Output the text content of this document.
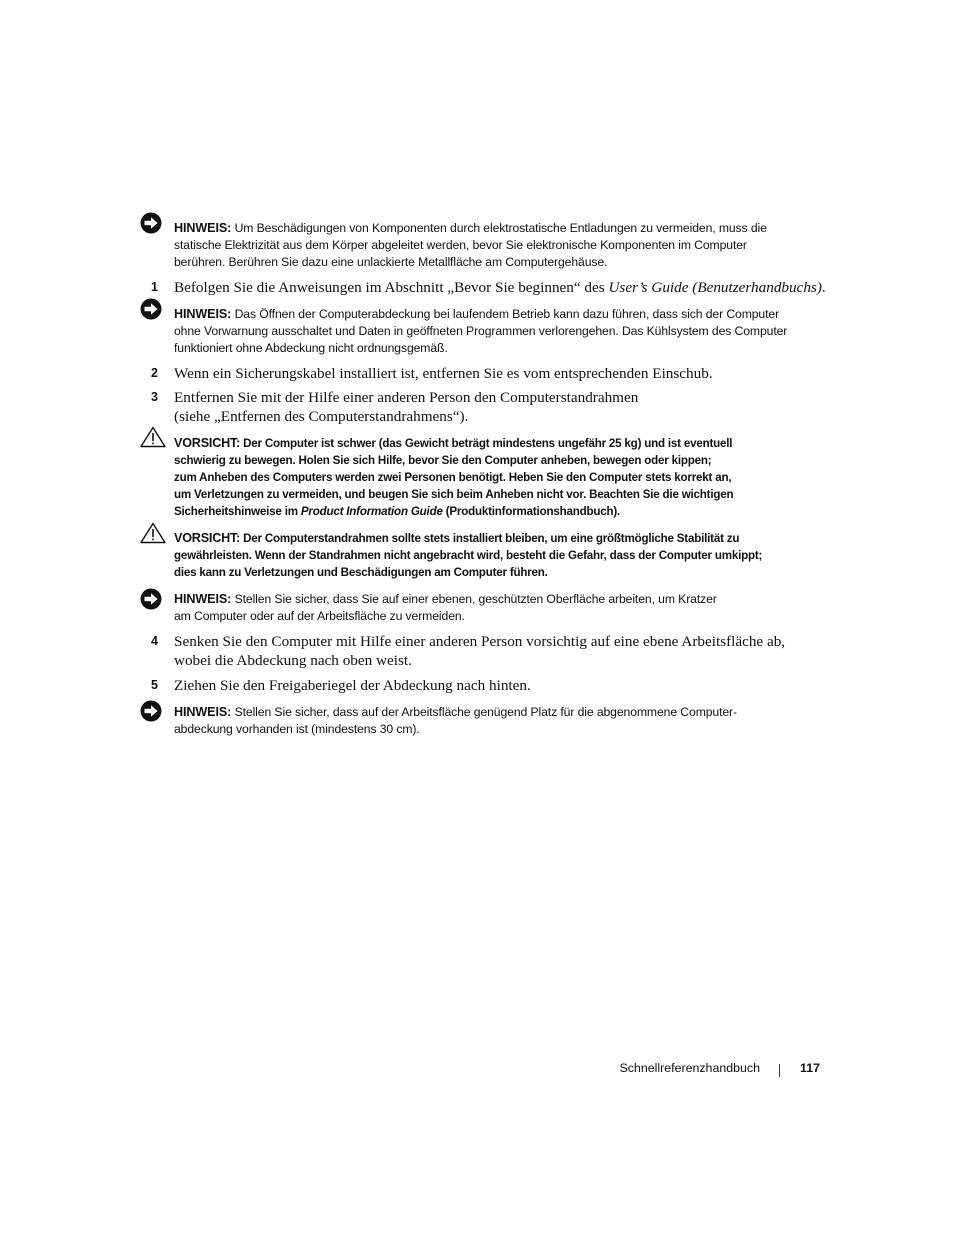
HINWEIS: Um Beschädigungen von Komponenten durch elektrostatische Entladungen zu vermeiden, muss die
statische Elektrizität aus dem Körper abgeleitet werden, bevor Sie elektronische Komponenten im Computer
berühren. Berühren Sie dazu eine unlackierte Metallfläche am Computergehäuse.
1 Befolgen Sie die Anweisungen im Abschnitt „Bevor Sie beginnen“ des User’s Guide (Benutzerhandbuchs).
HINWEIS: Das Öffnen der Computerabdeckung bei laufendem Betrieb kann dazu führen, dass sich der Computer
ohne Vorwarnung ausschaltet und Daten in geöffneten Programmen verlorengehen. Das Kühlsystem des Computer
funktioniert ohne Abdeckung nicht ordnungsgemäß.
2 Wenn ein Sicherungskabel installiert ist, entfernen Sie es vom entsprechenden Einschub.
3 Entfernen Sie mit der Hilfe einer anderen Person den Computerstandrahmen
(siehe „Entfernen des Computerstandrahmens“).
VORSICHT: Der Computer ist schwer (das Gewicht beträgt mindestens ungefähr 25 kg) und ist eventuell
schwierig zu bewegen. Holen Sie sich Hilfe, bevor Sie den Computer anheben, bewegen oder kippen;
zum Anheben des Computers werden zwei Personen benötigt. Heben Sie den Computer stets korrekt an,
um Verletzungen zu vermeiden, und beugen Sie sich beim Anheben nicht vor. Beachten Sie die wichtigen
Sicherheitshinweise im Product Information Guide (Produktinformationshandbuch).
VORSICHT: Der Computerstandrahmen sollte stets installiert bleiben, um eine größtmögliche Stabilität zu
gewährleisten. Wenn der Standrahmen nicht angebracht wird, besteht die Gefahr, dass der Computer umkippt;
dies kann zu Verletzungen und Beschädigungen am Computer führen.
HINWEIS: Stellen Sie sicher, dass Sie auf einer ebenen, geschützten Oberfläche arbeiten, um Kratzer
am Computer oder auf der Arbeitsfläche zu vermeiden.
4 Senken Sie den Computer mit Hilfe einer anderen Person vorsichtig auf eine ebene Arbeitsfläche ab,
wobei die Abdeckung nach oben weist.
5 Ziehen Sie den Freigaberiegel der Abdeckung nach hinten.
HINWEIS: Stellen Sie sicher, dass auf der Arbeitsfläche genügend Platz für die abgenommene Computer-
abdeckung vorhanden ist (mindestens 30 cm).
Schnellreferenzhandbuch	117
